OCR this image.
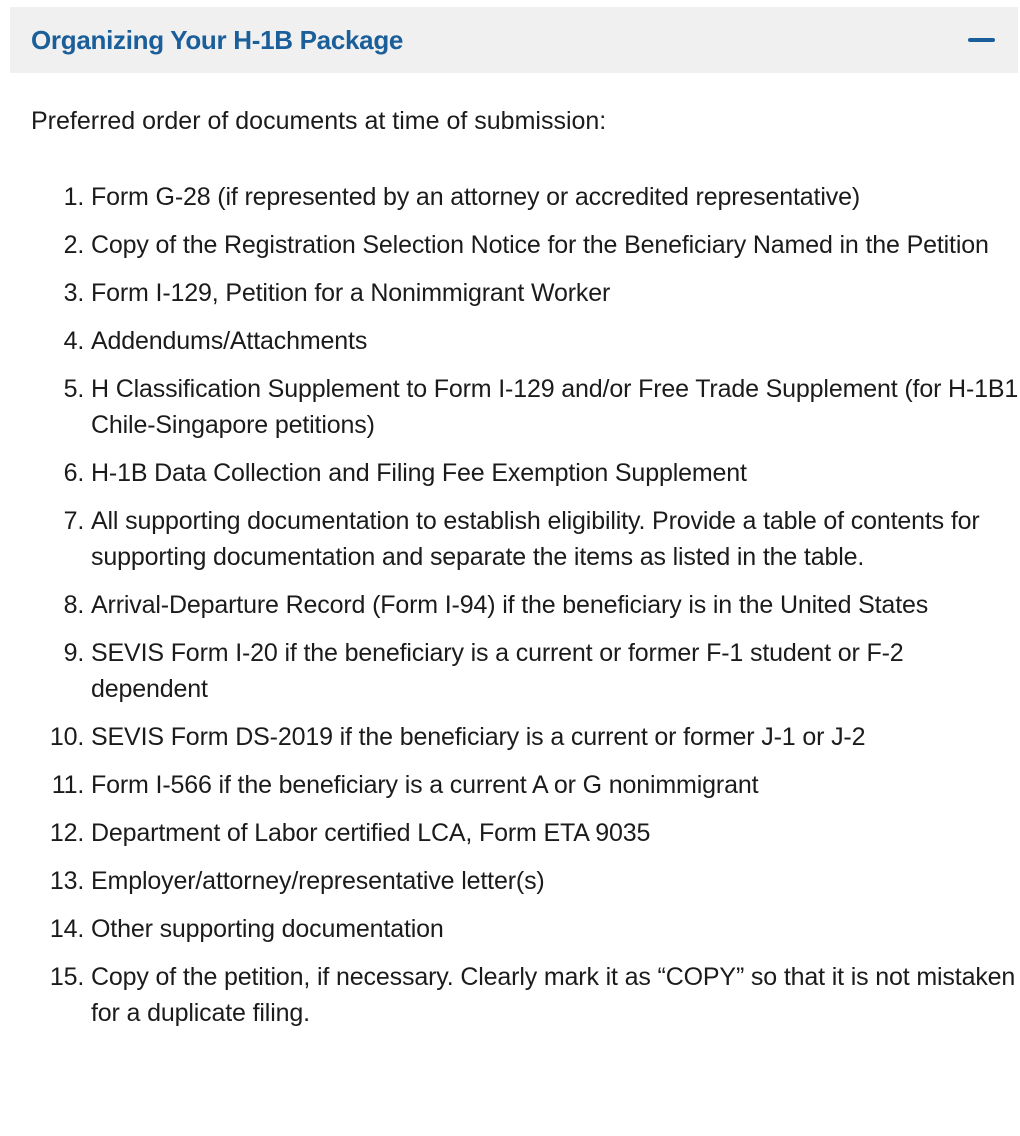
Organizing Your H-1B Package

Preferred order of documents at time of submission:

1. Form G-28 (if represented by an attorney or accredited representative)
2. Copy of the Registration Selection Notice for the Beneficiary Named in the Petition
3. Form I-129, Petition for a Nonimmigrant Worker
4. Addendums/Attachments
5. H Classification Supplement to Form I-129 and/or Free Trade Supplement (for H-1B1 Chile-Singapore petitions)
6. H-1B Data Collection and Filing Fee Exemption Supplement
7. All supporting documentation to establish eligibility. Provide a table of contents for supporting documentation and separate the items as listed in the table.
8. Arrival-Departure Record (Form I-94) if the beneficiary is in the United States
9. SEVIS Form I-20 if the beneficiary is a current or former F-1 student or F-2 dependent
10. SEVIS Form DS-2019 if the beneficiary is a current or former J-1 or J-2
11. Form I-566 if the beneficiary is a current A or G nonimmigrant
12. Department of Labor certified LCA, Form ETA 9035
13. Employer/attorney/representative letter(s)
14. Other supporting documentation
15. Copy of the petition, if necessary. Clearly mark it as “COPY” so that it is not mistaken for a duplicate filing.
